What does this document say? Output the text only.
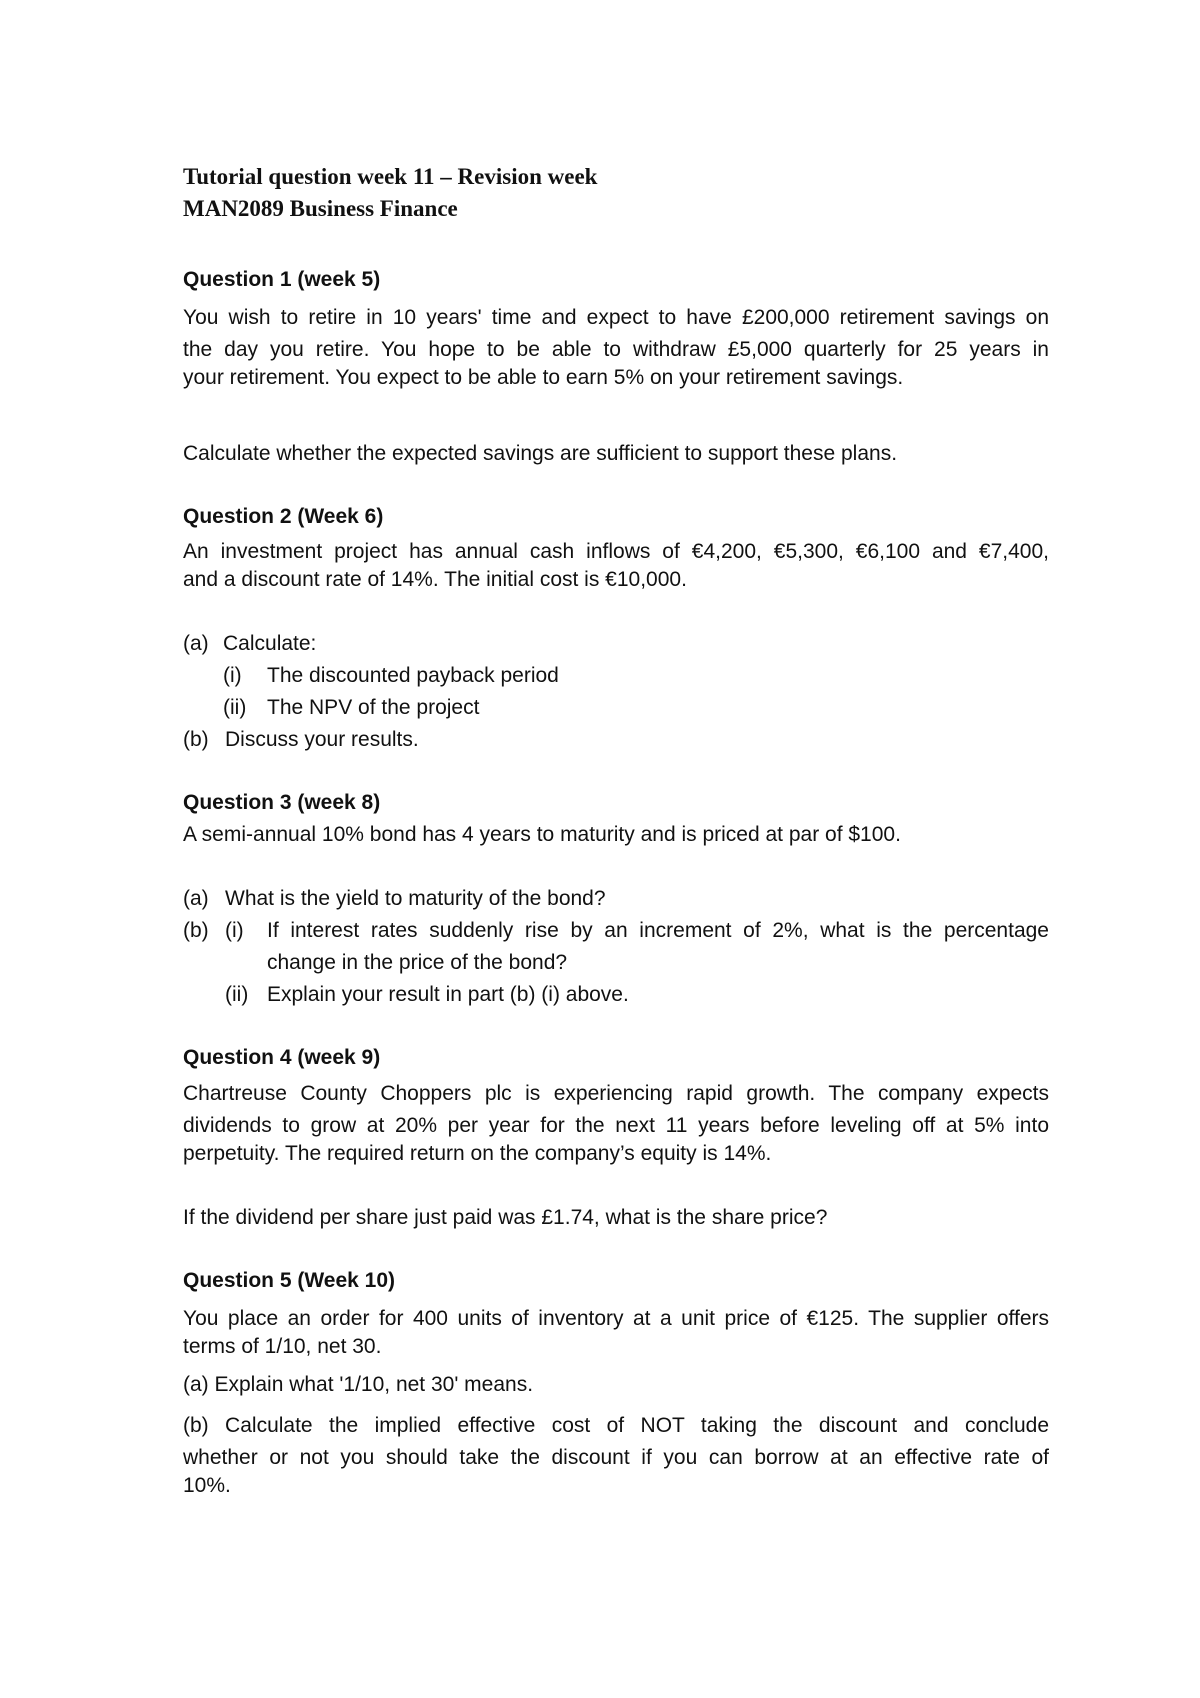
Tutorial question week 11 – Revision week

MAN2089 Business Finance

Question 1 (week 5)

You wish to retire in 10 years' time and expect to have £200,000 retirement savings on

the day you retire. You hope to be able to withdraw £5,000 quarterly for 25 years in

your retirement. You expect to be able to earn 5% on your retirement savings.

Calculate whether the expected savings are sufficient to support these plans.

Question 2 (Week 6)

An investment project has annual cash inflows of €4,200, €5,300, €6,100 and €7,400,

and a discount rate of 14%. The initial cost is €10,000.

(a) Calculate:
(i) The discounted payback period
(ii) The NPV of the project
(b) Discuss your results.

Question 3 (week 8)

A semi-annual 10% bond has 4 years to maturity and is priced at par of $100.

(a) What is the yield to maturity of the bond?
(b) (i) If interest rates suddenly rise by an increment of 2%, what is the percentage

change in the price of the bond?
(ii) Explain your result in part (b) (i) above.

Question 4 (week 9)

Chartreuse County Choppers plc is experiencing rapid growth. The company expects

dividends to grow at 20% per year for the next 11 years before leveling off at 5% into

perpetuity. The required return on the company’s equity is 14%.

If the dividend per share just paid was £1.74, what is the share price?

Question 5 (Week 10)

You place an order for 400 units of inventory at a unit price of €125. The supplier offers

terms of 1/10, net 30.

(a) Explain what '1/10, net 30' means.

(b) Calculate the implied effective cost of NOT taking the discount and conclude

whether or not you should take the discount if you can borrow at an effective rate of

10%.
